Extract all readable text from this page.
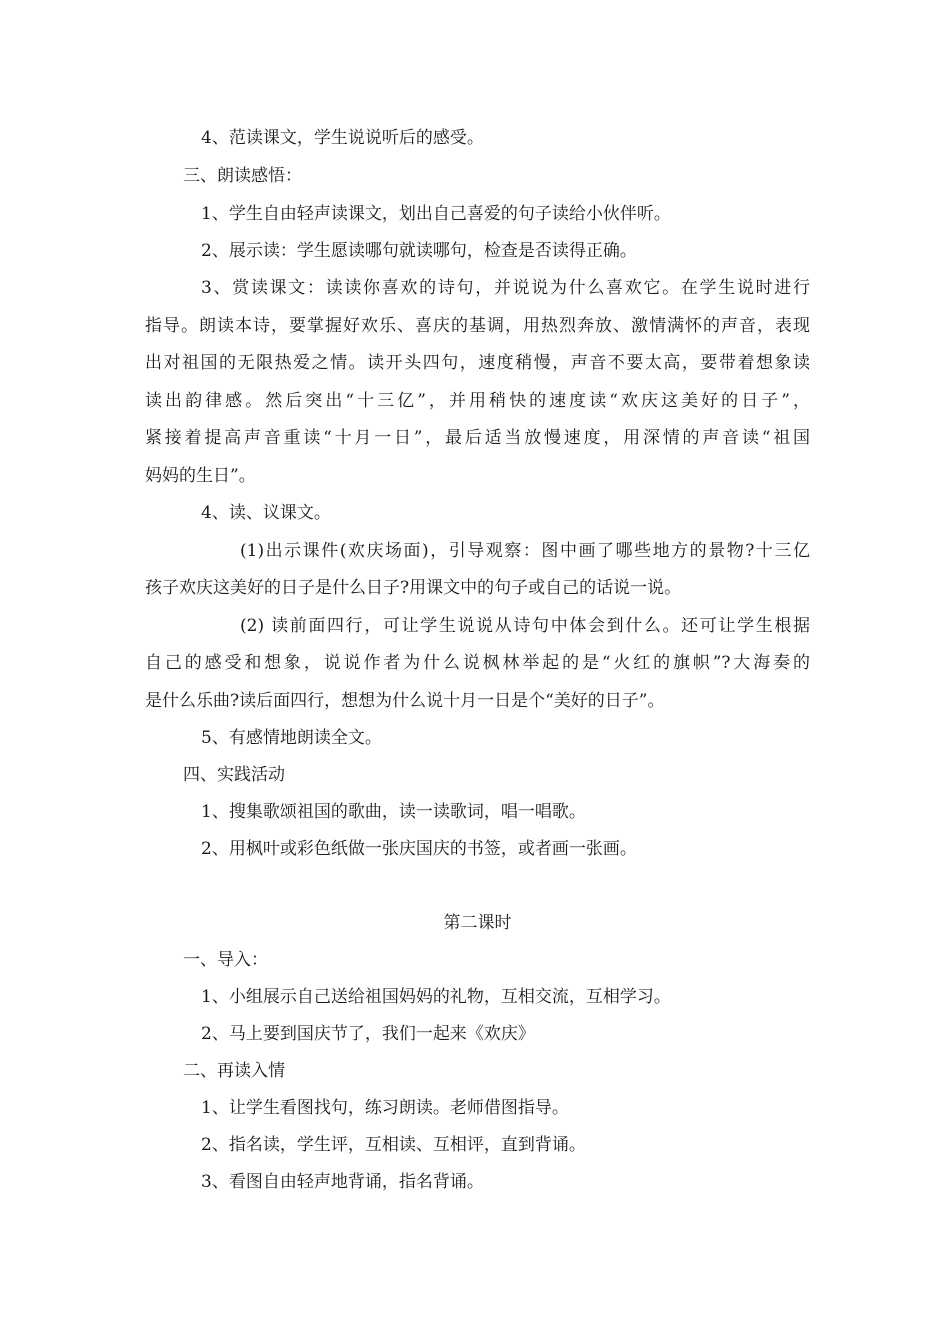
4、范读课文，学生说说听后的感受。
三、朗读感悟：
1、学生自由轻声读课文，划出自己喜爱的句子读给小伙伴听。
2、展示读：学生愿读哪句就读哪句，检查是否读得正确。
3、赏读课文：读读你喜欢的诗句，并说说为什么喜欢它。在学生说时进行
指导。朗读本诗，要掌握好欢乐、喜庆的基调，用热烈奔放、激情满怀的声音，表现
出对祖国的无限热爱之情。读开头四句，速度稍慢，声音不要太高，要带着想象读
读出韵律感。然后突出“十三亿”，并用稍快的速度读“欢庆这美好的日子”，
紧接着提高声音重读“十月一日”，最后适当放慢速度，用深情的声音读“祖国
妈妈的生日”。
4、读、议课文。
(1)出示课件(欢庆场面)，引导观察：图中画了哪些地方的景物?十三亿
孩子欢庆这美好的日子是什么日子?用课文中的句子或自己的话说一说。
(2) 读前面四行，可让学生说说从诗句中体会到什么。还可让学生根据
自己的感受和想象，说说作者为什么说枫林举起的是“火红的旗帜”?大海奏的
是什么乐曲?读后面四行，想想为什么说十月一日是个“美好的日子”。
5、有感情地朗读全文。
四、实践活动
1、搜集歌颂祖国的歌曲，读一读歌词，唱一唱歌。
2、用枫叶或彩色纸做一张庆国庆的书签，或者画一张画。
第二课时
一、导入：
1、小组展示自己送给祖国妈妈的礼物，互相交流，互相学习。
2、马上要到国庆节了，我们一起来《欢庆》
二、再读入情
1、让学生看图找句，练习朗读。老师借图指导。
2、指名读，学生评，互相读、互相评，直到背诵。
3、看图自由轻声地背诵，指名背诵。
